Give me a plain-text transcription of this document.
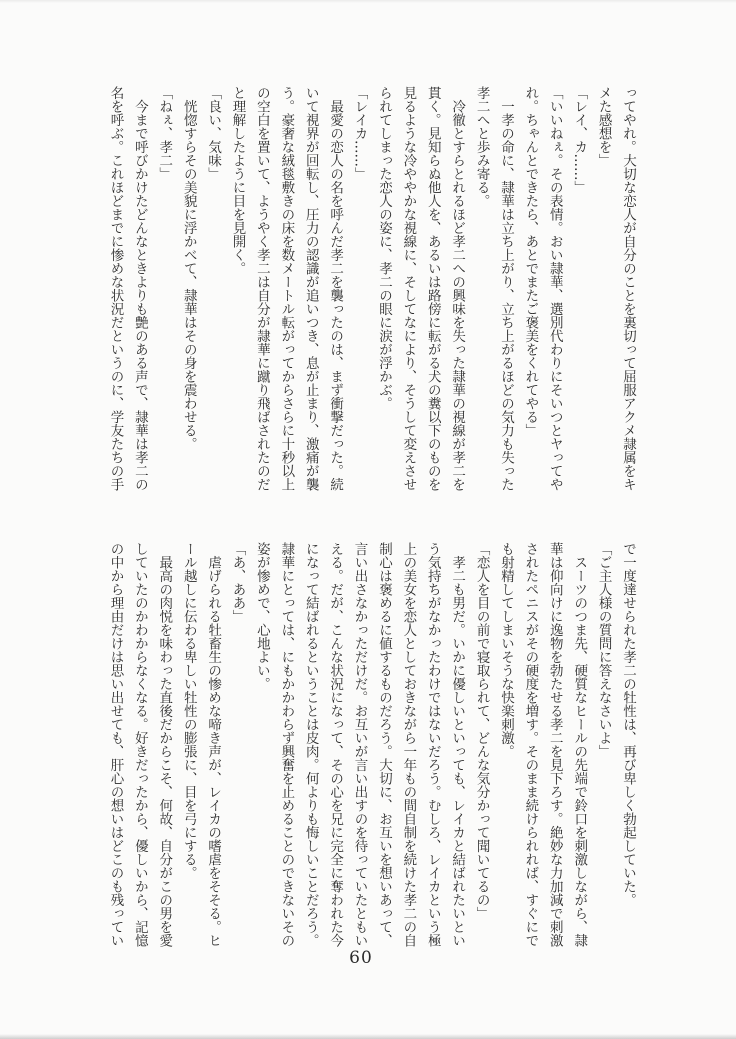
ってやれ。大切な恋人が自分のことを裏切って屈服アクメ隷属をキ
メた感想を」
「レイ、カ……」
「いいねぇ。その表情。おい隷華、選別代わりにそいつとヤってや
れ。ちゃんとできたら、あとでまたご褒美をくれてやる」
　一孝の命に、隷華は立ち上がり、立ち上がるほどの気力も失った
孝二へと歩み寄る。
　冷徹とすらとれるほど孝二への興味を失った隷華の視線が孝二を
貫く。見知らぬ他人を、あるいは路傍に転がる犬の糞以下のものを
見るような冷ややかな視線に、そしてなにより、そうして変えさせ
られてしまった恋人の姿に、孝二の眼に涙が浮かぶ。
「レイカ……」
　最愛の恋人の名を呼んだ孝二を襲ったのは、まず衝撃だった。続
いて視界が回転し、圧力の認識が追いつき、息が止まり、激痛が襲
う。豪奢な絨毯敷きの床を数メートル転がってからさらに十秒以上
の空白を置いて、ようやく孝二は自分が隷華に蹴り飛ばされたのだ
と理解したように目を見開く。
「良い、気味」
　恍惚すらその美貌に浮かべて、隷華はその身を震わせる。
「ねぇ、孝二」
　今まで呼びかけたどんなときよりも艶のある声で、隷華は孝二の
名を呼ぶ。これほどまでに惨めな状況だというのに、学友たちの手
で一度達せられた孝二の牡性は、再び卑しく勃起していた。
「ご主人様の質問に答えなさいよ」
　スーツのつま先、硬質なヒールの先端で鈴口を刺激しながら、隷
華は仰向けに逸物を勃たせる孝二を見下ろす。絶妙な力加減で刺激
されたペニスがその硬度を増す。そのまま続けられれば、すぐにで
も射精してしまいそうな快楽刺激。
「恋人を目の前で寝取られて、どんな気分かって聞いてるの」
　孝二も男だ。いかに優しいといっても、レイカと結ばれたいとい
う気持ちがなかったわけではないだろう。むしろ、レイカという極
上の美女を恋人としておきながら一年もの間自制を続けた孝二の自
制心は褒めるに値するものだろう。大切に、お互いを想いあって、
言い出さなかっただけだ。お互いが言い出すのを待っていたともい
える。だが、こんな状況になって、その心を兄に完全に奪われた今
になって結ばれるということは皮肉。何よりも悔しいことだろう。
隷華にとっては、にもかかわらず興奮を止めることのできないその
姿が惨めで、心地よい。
「あ、ああ」
　虐げられる牡畜生の惨めな啼き声が、レイカの嗜虐をそそる。ヒ
ール越しに伝わる卑しい牡性の膨張に、目を弓にする。
　最高の肉悦を味わった直後だからこそ、何故、自分がこの男を愛
していたのかわからなくなる。好きだったから、優しいから、記憶
の中から理由だけは思い出せても、肝心の想いはどこのも残ってい
60
